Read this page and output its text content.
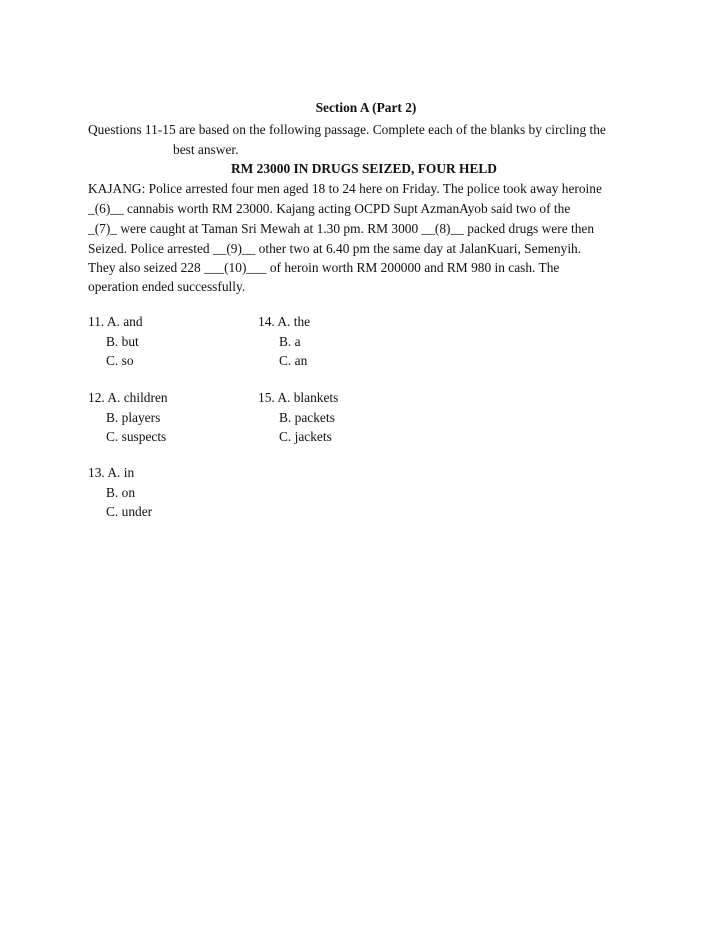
Section A (Part 2)
Questions 11-15 are based on the following passage. Complete each of the blanks by circling the
best answer.
RM 23000 IN DRUGS SEIZED, FOUR HELD
KAJANG: Police arrested four men aged 18 to 24 here on Friday. The police took away heroine
_(6)__ cannabis worth RM 23000. Kajang acting OCPD Supt AzmanAyob said two of the
_(7)_ were caught at Taman Sri Mewah at 1.30 pm. RM 3000 __(8)__ packed drugs were then
Seized. Police arrested __(9)__ other two at 6.40 pm the same day at JalanKuari, Semenyih.
They also seized 228 ___(10)___ of heroin worth RM 200000 and RM 980 in cash. The
operation ended successfully.
11. A. and
B. but
C. so
12. A. children
B. players
C. suspects
13. A. in
B. on
C. under
14. A. the
B. a
C. an
15. A. blankets
B. packets
C. jackets
